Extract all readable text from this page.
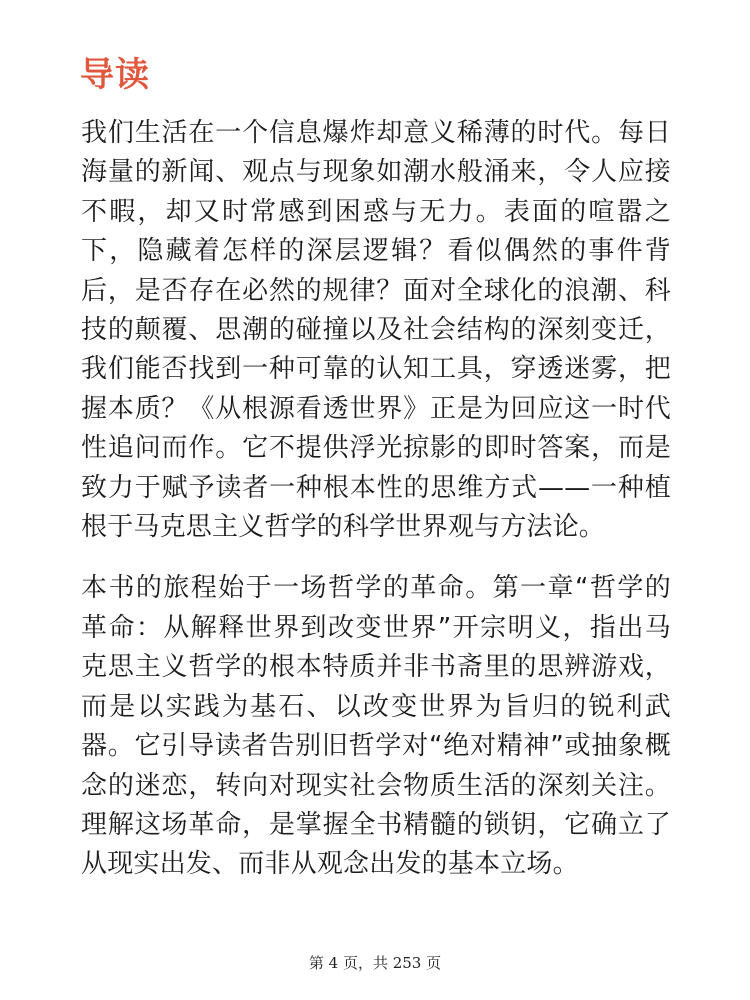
导读

我们生活在一个信息爆炸却意义稀薄的时代。每日海量的新闻、观点与现象如潮水般涌来，令人应接不暇，却又时常感到困惑与无力。表面的喧嚣之下，隐藏着怎样的深层逻辑？看似偶然的事件背后，是否存在必然的规律？面对全球化的浪潮、科技的颠覆、思潮的碰撞以及社会结构的深刻变迁，我们能否找到一种可靠的认知工具，穿透迷雾，把握本质？《从根源看透世界》正是为回应这一时代性追问而作。它不提供浮光掠影的即时答案，而是致力于赋予读者一种根本性的思维方式——一种植根于马克思主义哲学的科学世界观与方法论。

本书的旅程始于一场哲学的革命。第一章“哲学的革命：从解释世界到改变世界”开宗明义，指出马克思主义哲学的根本特质并非书斋里的思辨游戏，而是以实践为基石、以改变世界为旨归的锐利武器。它引导读者告别旧哲学对“绝对精神”或抽象概念的迷恋，转向对现实社会物质生活的深刻关注。理解这场革命，是掌握全书精髓的锁钥，它确立了从现实出发、而非从观念出发的基本立场。

第 4 页，共 253 页
